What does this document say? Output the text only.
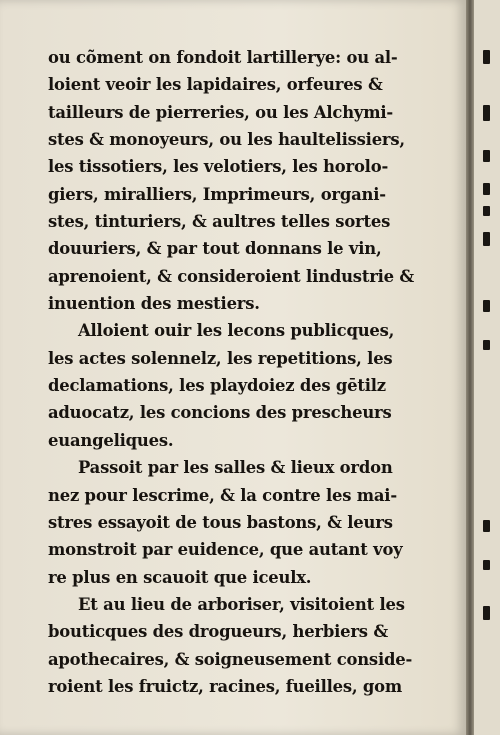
ou cõment on fondoit lartillerye: ou al-
loient veoir les lapidaires, orfeures &
tailleurs de pierreries, ou les Alchymi-
stes & monoyeurs, ou les haultelissiers,
les tissotiers, les velotiers, les horolo-
giers, miralliers, Imprimeurs, organi-
stes, tinturiers, & aultres telles sortes
douuriers, & par tout donnans le vin,
aprenoient, & consideroient lindustrie &
inuention des mestiers.
Alloient ouir les lecons publicques,
les actes solennelz, les repetitions, les
declamations, les playdoiez des gētilz
aduocatz, les concions des prescheurs
euangeliques.
Passoit par les salles & lieux ordon
nez pour lescrime, & la contre les mai-
stres essayoit de tous bastons, & leurs
monstroit par euidence, que autant voy
re plus en scauoit que iceulx.
Et au lieu de arboriser, visitoient les
bouticques des drogueurs, herbiers &
apothecaires, & soigneusement conside-
roient les fruictz, racines, fueilles, gom
